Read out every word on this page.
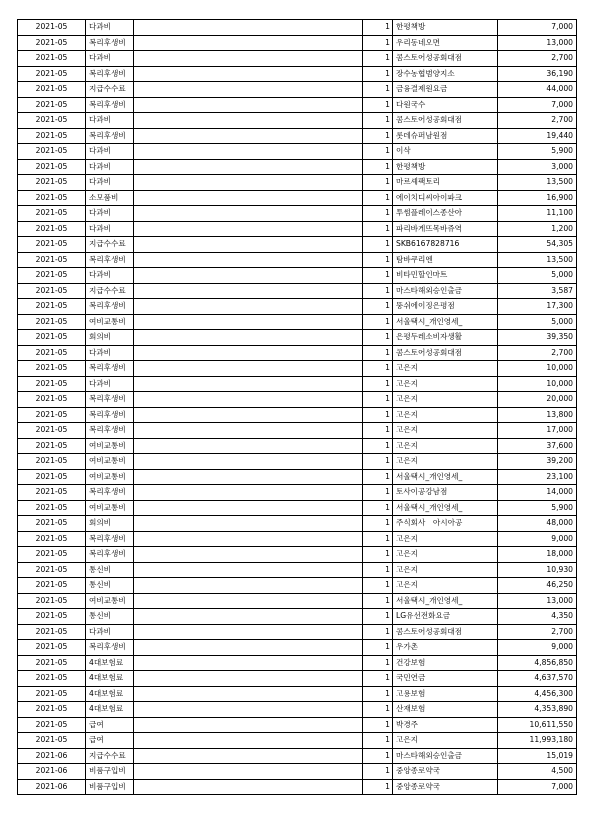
2021-05	다과비		1	한평책방	7,000
2021-05	복리후생비		1	우리동네오면	13,000
2021-05	다과비		1	콤스토어성공회대점	2,700
2021-05	복리후생비		1	장수농협범양지소	36,190
2021-05	지급수수료		1	금융결제원요금	44,000
2021-05	복리후생비		1	다원국수	7,000
2021-05	다과비		1	콤스토어성공회대점	2,700
2021-05	복리후생비		1	롯데슈퍼남원점	19,440
2021-05	다과비		1	이삭	5,900
2021-05	다과비		1	한평책방	3,000
2021-05	다과비		1	마르셰팩토리	13,500
2021-05	소모품비		1	에이치디씨아이파크	16,900
2021-05	다과비		1	투썸플레이스종산아	11,100
2021-05	다과비		1	파리바게뜨목바쥬역	1,200
2021-05	지급수수료		1	SKB6167828716	54,305
2021-05	복리후생비		1	탐바쿠리엔	13,500
2021-05	다과비		1	비타민할인마트	5,000
2021-05	지급수수료		1	마스타해외승인출금	3,587
2021-05	복리후생비		1	뚱쉬에이징은평점	17,300
2021-05	여비교통비		1	서울택시_개인영세_	5,000
2021-05	회의비		1	은평두레소비자생활	39,350
2021-05	다과비		1	콤스토어성공회대점	2,700
2021-05	복리후생비		1	고은지	10,000
2021-05	다과비		1	고은지	10,000
2021-05	복리후생비		1	고은지	20,000
2021-05	복리후생비		1	고은지	13,800
2021-05	복리후생비		1	고은지	17,000
2021-05	여비교통비		1	고은지	37,600
2021-05	여비교통비		1	고은지	39,200
2021-05	여비교통비		1	서울택시_개인영세_	23,100
2021-05	복리후생비		1	토사이공강남점	14,000
2021-05	여비교통비		1	서울택시_개인영세_	5,900
2021-05	회의비		1	주식회사　아시아공	48,000
2021-05	복리후생비		1	고은지	9,000
2021-05	복리후생비		1	고은지	18,000
2021-05	통신비		1	고은지	10,930
2021-05	통신비		1	고은지	46,250
2021-05	여비교통비		1	서울택시_개인영세_	13,000
2021-05	통신비		1	LG유선전화요금	4,350
2021-05	다과비		1	콤스토어성공회대점	2,700
2021-05	복리후생비		1	우가촌	9,000
2021-05	4대보험료		1	건강보험	4,856,850
2021-05	4대보험료		1	국민연금	4,637,570
2021-05	4대보험료		1	고용보험	4,456,300
2021-05	4대보험료		1	산재보험	4,353,890
2021-05	급여		1	박경주	10,611,550
2021-05	급여		1	고은지	11,993,180
2021-06	지급수수료		1	마스타해외승인출금	15,019
2021-06	비품구입비		1	중앙종로약국	4,500
2021-06	비품구입비		1	중앙종로약국	7,000
